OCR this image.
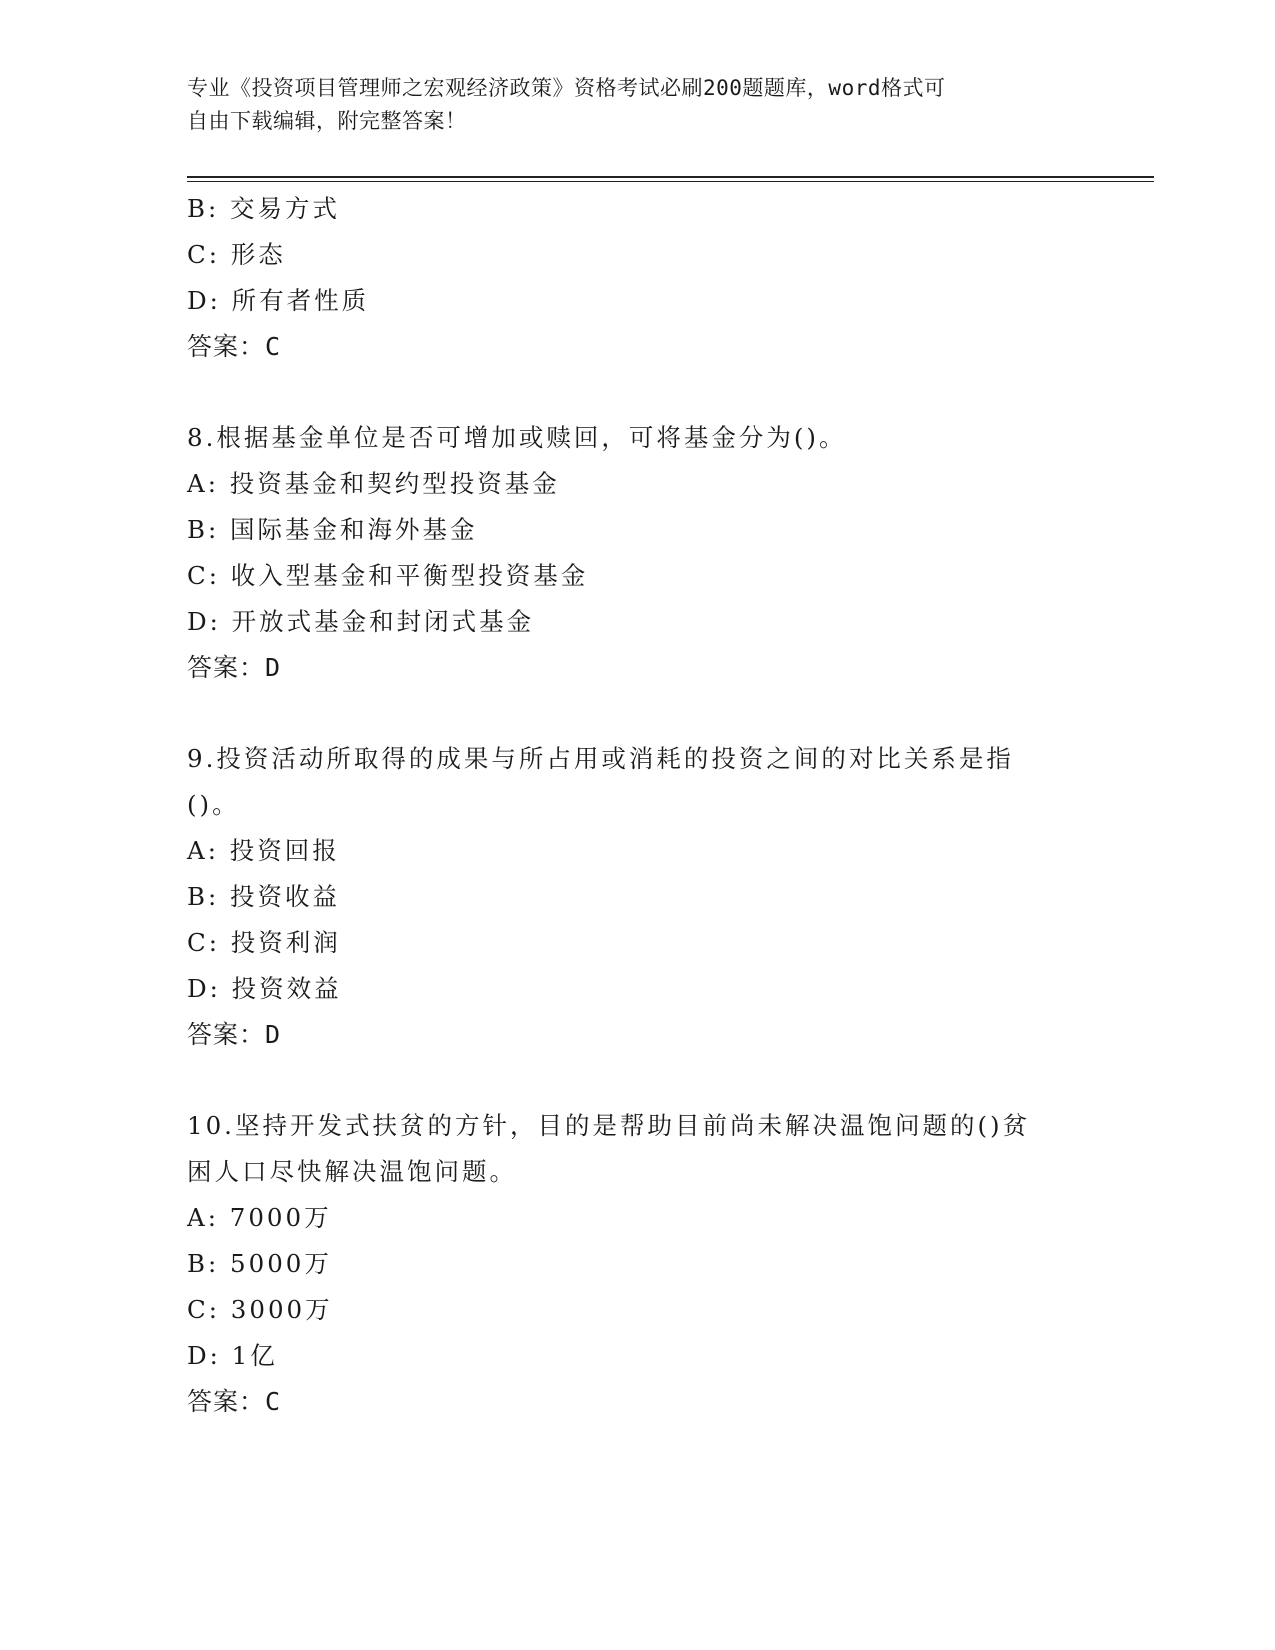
专业《投资项目管理师之宏观经济政策》资格考试必刷200题题库，word格式可
自由下载编辑，附完整答案！
B: 交易方式
C: 形态
D: 所有者性质
答案：C
8.根据基金单位是否可增加或赎回，可将基金分为()。
A: 投资基金和契约型投资基金
B: 国际基金和海外基金
C: 收入型基金和平衡型投资基金
D: 开放式基金和封闭式基金
答案：D
9.投资活动所取得的成果与所占用或消耗的投资之间的对比关系是指
()。
A: 投资回报
B: 投资收益
C: 投资利润
D: 投资效益
答案：D
10.坚持开发式扶贫的方针，目的是帮助目前尚未解决温饱问题的()贫
困人口尽快解决温饱问题。
A: 7000万
B: 5000万
C: 3000万
D: 1亿
答案：C
